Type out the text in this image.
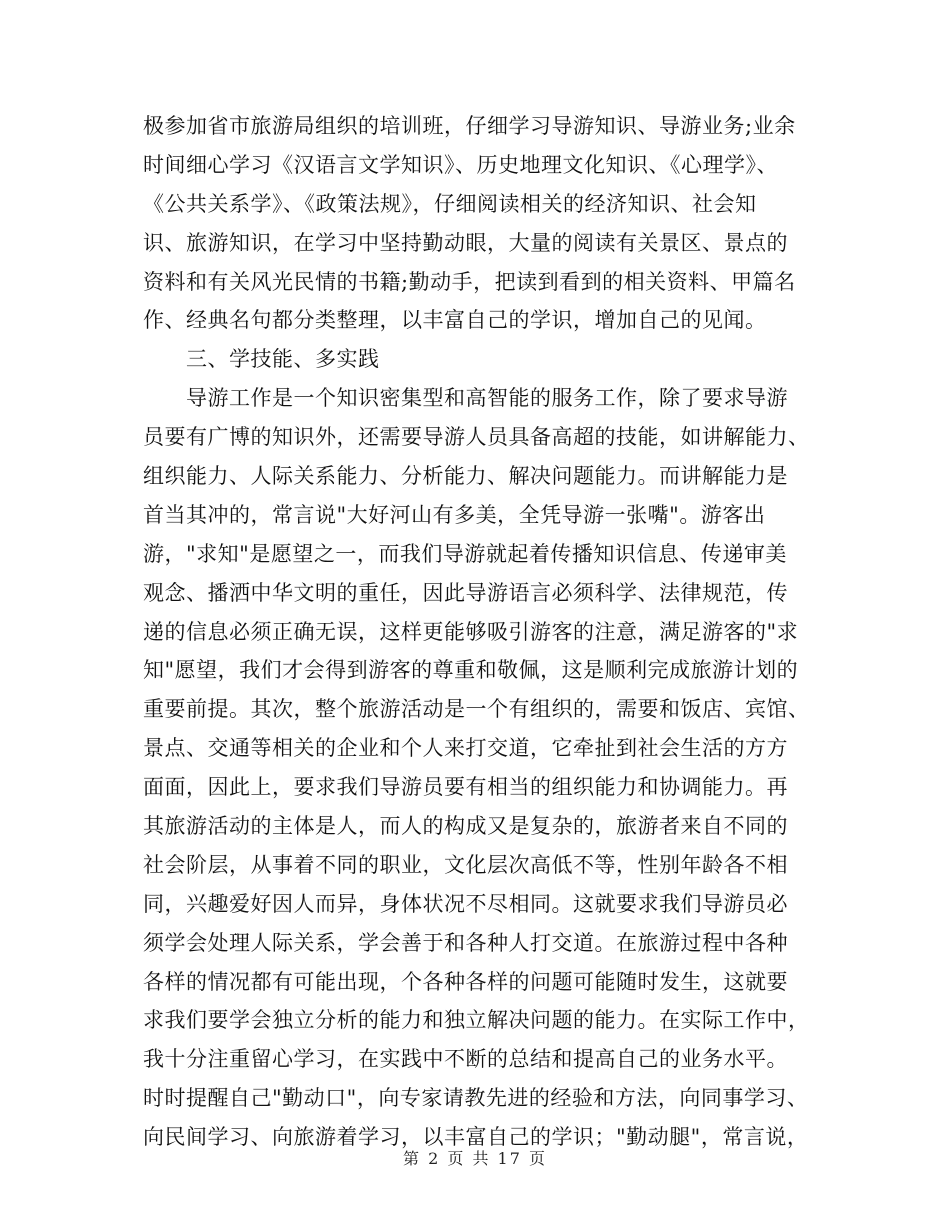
极参加省市旅游局组织的培训班，仔细学习导游知识、导游业务;业余
时间细心学习《汉语言文学知识》、历史地理文化知识、《心理学》、
《公共关系学》、《政策法规》，仔细阅读相关的经济知识、社会知
识、旅游知识，在学习中坚持勤动眼，大量的阅读有关景区、景点的
资料和有关风光民情的书籍;勤动手，把读到看到的相关资料、甲篇名
作、经典名句都分类整理，以丰富自己的学识，增加自己的见闻。
　　三、学技能、多实践
　　导游工作是一个知识密集型和高智能的服务工作，除了要求导游
员要有广博的知识外，还需要导游人员具备高超的技能，如讲解能力、
组织能力、人际关系能力、分析能力、解决问题能力。而讲解能力是
首当其冲的，常言说"大好河山有多美，全凭导游一张嘴"。游客出
游，"求知"是愿望之一，而我们导游就起着传播知识信息、传递审美
观念、播洒中华文明的重任，因此导游语言必须科学、法律规范，传
递的信息必须正确无误，这样更能够吸引游客的注意，满足游客的"求
知"愿望，我们才会得到游客的尊重和敬佩，这是顺利完成旅游计划的
重要前提。其次，整个旅游活动是一个有组织的，需要和饭店、宾馆、
景点、交通等相关的企业和个人来打交道，它牵扯到社会生活的方方
面面，因此上，要求我们导游员要有相当的组织能力和协调能力。再
其旅游活动的主体是人，而人的构成又是复杂的，旅游者来自不同的
社会阶层，从事着不同的职业，文化层次高低不等，性别年龄各不相
同，兴趣爱好因人而异，身体状况不尽相同。这就要求我们导游员必
须学会处理人际关系，学会善于和各种人打交道。在旅游过程中各种
各样的情况都有可能出现，个各种各样的问题可能随时发生，这就要
求我们要学会独立分析的能力和独立解决问题的能力。在实际工作中，
我十分注重留心学习，在实践中不断的总结和提高自己的业务水平。
时时提醒自己"勤动口"，向专家请教先进的经验和方法，向同事学习、
向民间学习、向旅游着学习，以丰富自己的学识；"勤动腿"，常言说，
第 2 页 共 17 页
